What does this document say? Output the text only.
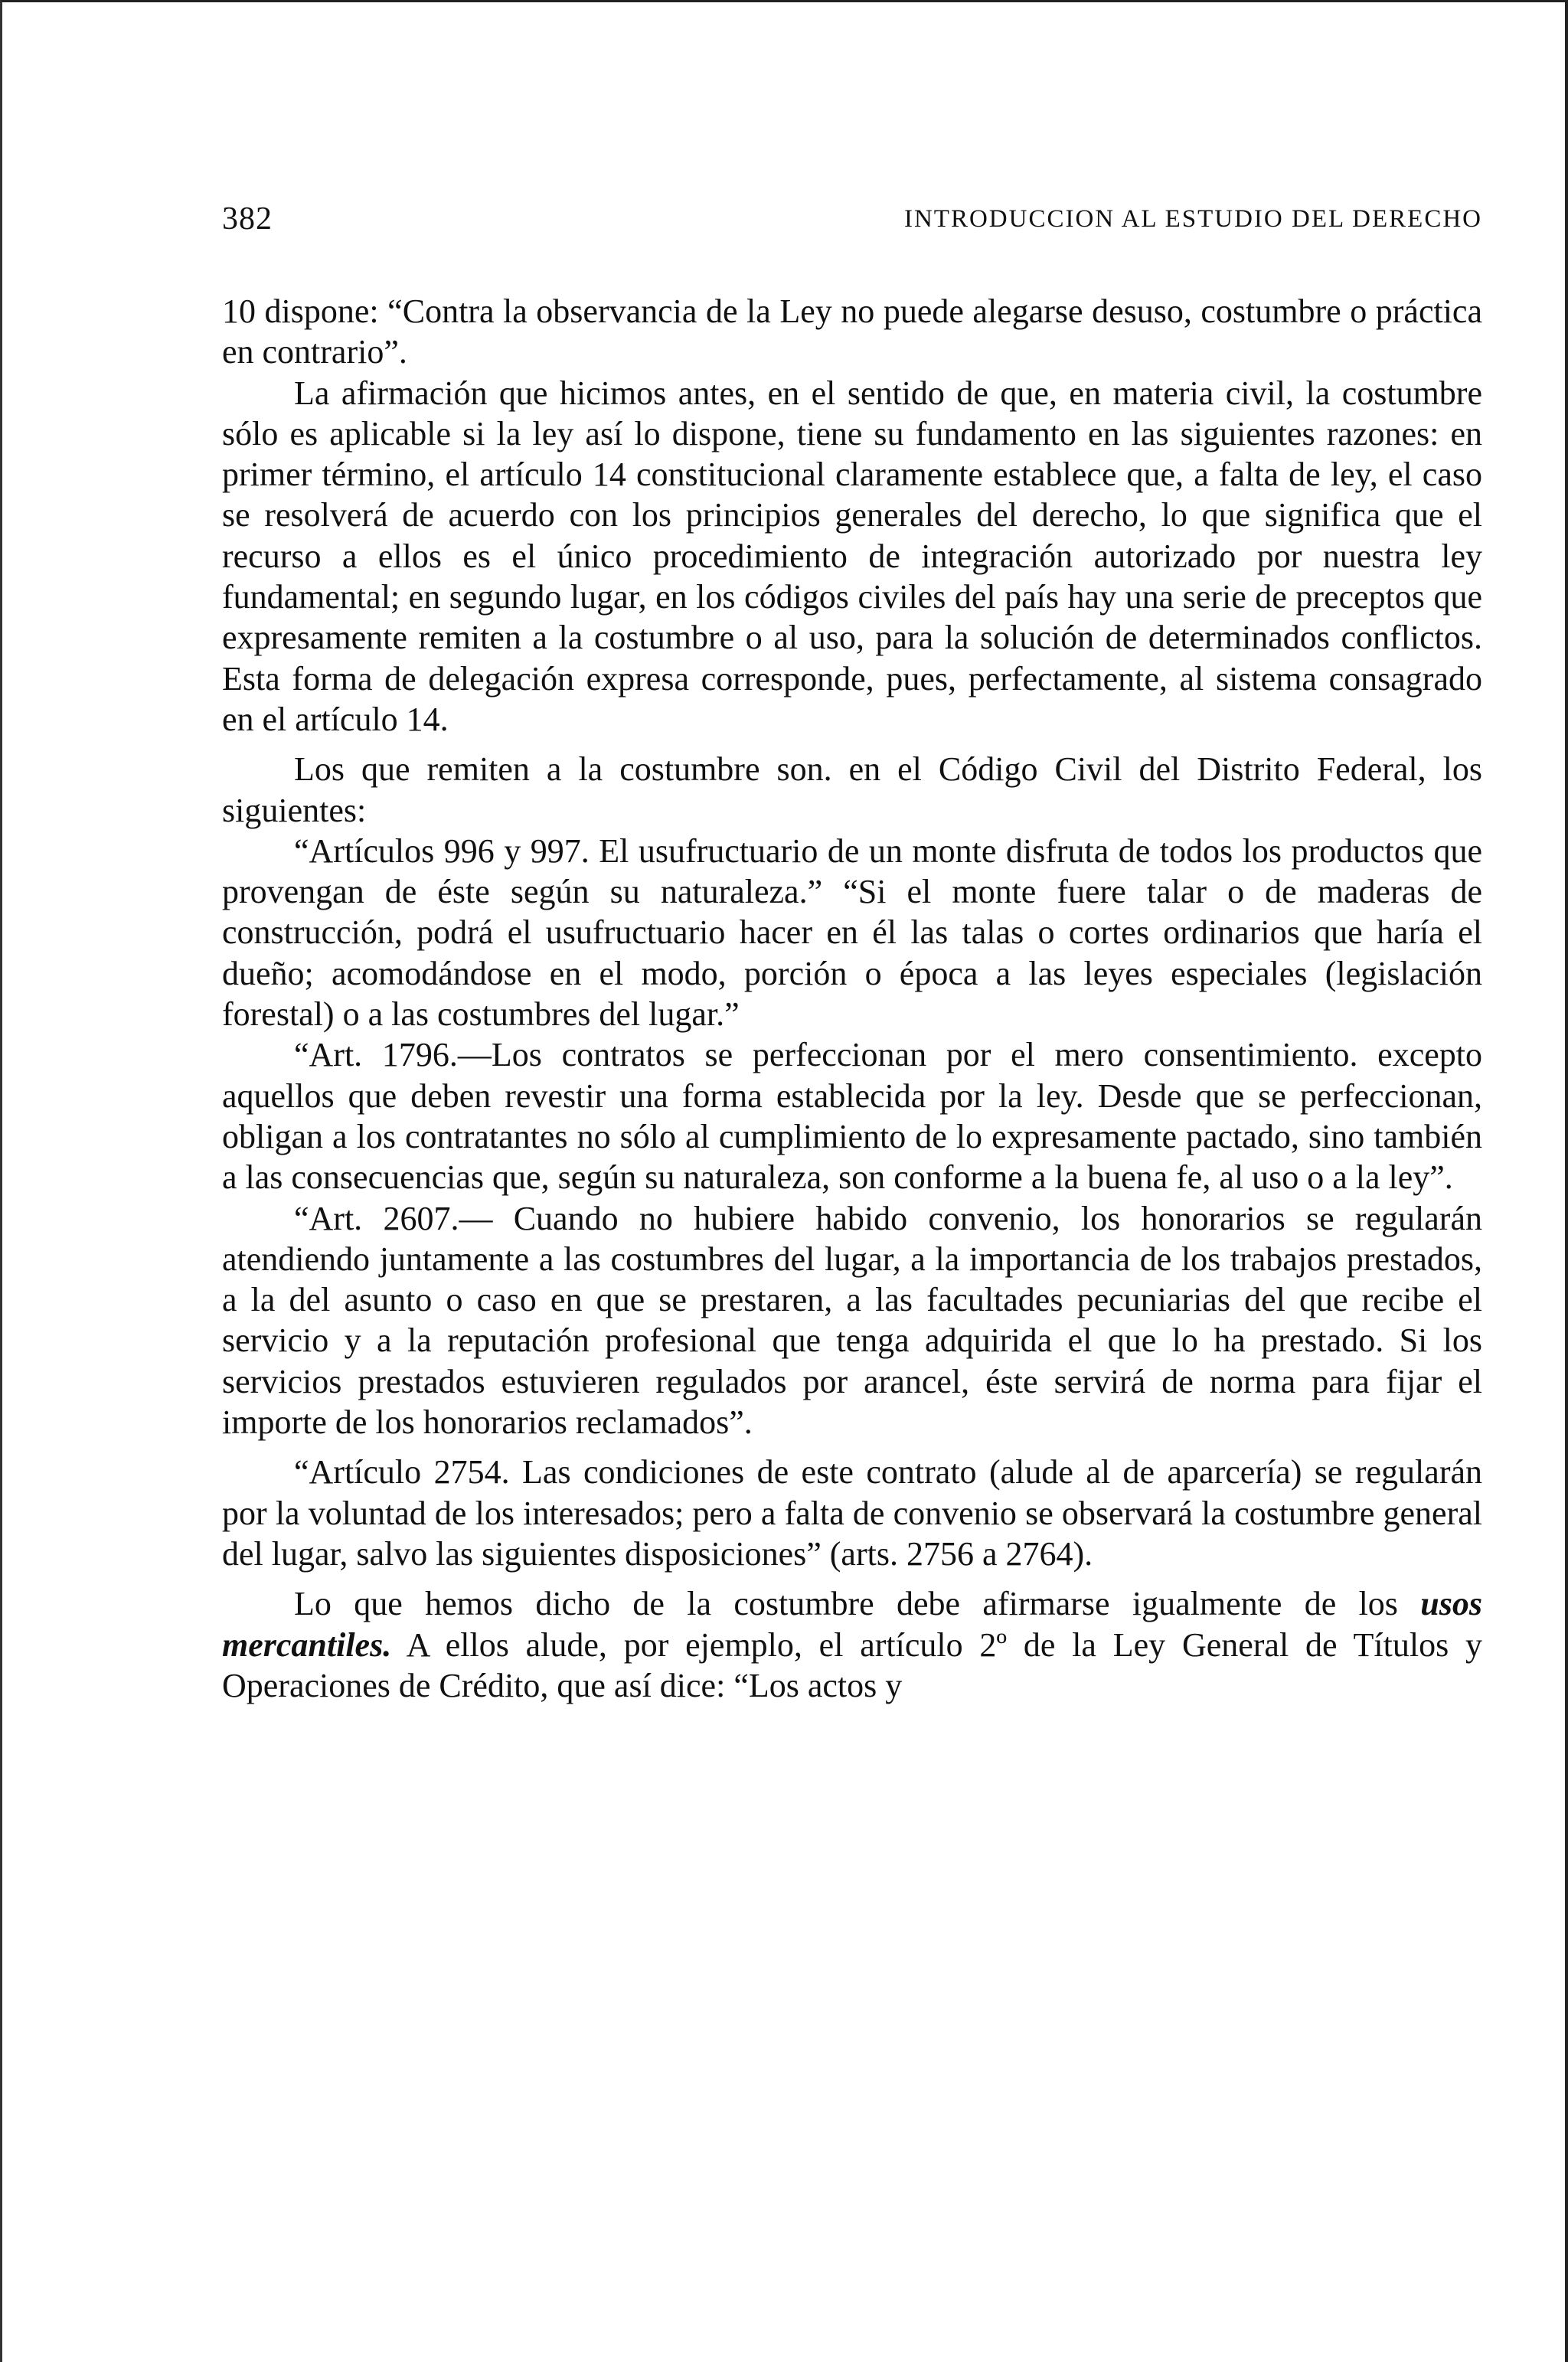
382	INTRODUCCION AL ESTUDIO DEL DERECHO

10 dispone: “Contra la observancia de la Ley no puede alegarse desuso, costumbre o práctica en contrario”.

La afirmación que hicimos antes, en el sentido de que, en materia civil, la costumbre sólo es aplicable si la ley así lo dispone, tiene su fundamento en las siguientes razones: en primer término, el artículo 14 constitucional claramente establece que, a falta de ley, el caso se resolverá de acuerdo con los principios generales del derecho, lo que significa que el recurso a ellos es el único procedimiento de integración autorizado por nuestra ley fundamental; en segundo lugar, en los códigos civiles del país hay una serie de preceptos que expresamente remiten a la costumbre o al uso, para la solución de determinados conflictos. Esta forma de delegación expresa corresponde, pues, perfectamente, al sistema consagrado en el artículo 14.

Los que remiten a la costumbre son. en el Código Civil del Distrito Federal, los siguientes:

“Artículos 996 y 997. El usufructuario de un monte disfruta de todos los productos que provengan de éste según su naturaleza.” “Si el monte fuere talar o de maderas de construcción, podrá el usufructuario hacer en él las talas o cortes ordinarios que haría el dueño; acomodándose en el modo, porción o época a las leyes especiales (legislación forestal) o a las costumbres del lugar.”

“Art. 1796.—Los contratos se perfeccionan por el mero consentimiento. excepto aquellos que deben revestir una forma establecida por la ley. Desde que se perfeccionan, obligan a los contratantes no sólo al cumplimiento de lo expresamente pactado, sino también a las consecuencias que, según su naturaleza, son conforme a la buena fe, al uso o a la ley”.

“Art. 2607.— Cuando no hubiere habido convenio, los honorarios se regularán atendiendo juntamente a las costumbres del lugar, a la importancia de los trabajos prestados, a la del asunto o caso en que se prestaren, a las facultades pecuniarias del que recibe el servicio y a la reputación profesional que tenga adquirida el que lo ha prestado. Si los servicios prestados estuvieren regulados por arancel, éste servirá de norma para fijar el importe de los honorarios reclamados”.

“Artículo 2754. Las condiciones de este contrato (alude al de aparcería) se regularán por la voluntad de los interesados; pero a falta de convenio se observará la costumbre general del lugar, salvo las siguientes disposiciones” (arts. 2756 a 2764).

Lo que hemos dicho de la costumbre debe afirmarse igualmente de los usos mercantiles. A ellos alude, por ejemplo, el artículo 2º de la Ley General de Títulos y Operaciones de Crédito, que así dice: “Los actos y
